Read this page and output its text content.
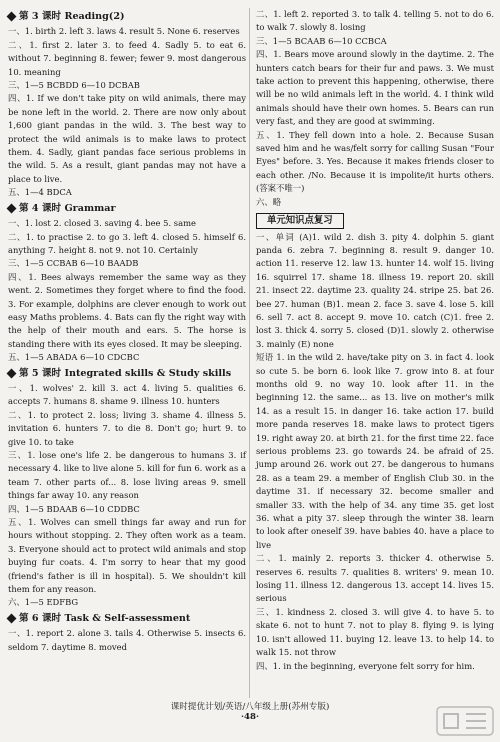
第 3 课时 Reading(2)

一、1. birth 2. left 3. laws 4. result 5. None 6. reserves

二、1. first 2. later 3. to feed 4. Sadly 5. to eat 6. without 7. beginning 8. fewer; fewer 9. most dangerous 10. meaning

三、1—5 BCBDD 6—10 DCBAB

四、1. If we don't take pity on wild animals, there may be none left in the world. 2. There are now only about 1,600 giant pandas in the wild. 3. The best way to protect the wild animals is to make laws to protect them. 4. Sadly, giant pandas face serious problems in the wild. 5. As a result, giant pandas may not have a place to live.

五、1—4 BDCA

第 4 课时 Grammar

一、1. lost 2. closed 3. saving 4. bee 5. same

二、1. to practise 2. to go 3. left 4. closed 5. himself 6. anything 7. height 8. not 9. not 10. Certainly

三、1—5 CCBAB 6—10 BAADB

四、1. Bees always remember the same way as they went. 2. Sometimes they forget where to find the food. 3. For example, dolphins are clever enough to work out easy Maths problems. 4. Bats can fly the right way with the help of their mouth and ears. 5. The horse is standing there with its eyes closed. It may be sleeping.

五、1—5 ABADA 6—10 CDCBC

第 5 课时 Integrated skills & Study skills

一、1. wolves' 2. kill 3. act 4. living 5. qualities 6. accepts 7. humans 8. shame 9. illness 10. hunters

二、1. to protect 2. loss; living 3. shame 4. illness 5. invitation 6. hunters 7. to die 8. Don't go; hurt 9. to give 10. to take

三、1. lose one's life 2. be dangerous to humans 3. if necessary 4. like to live alone 5. kill for fun 6. work as a team 7. other parts of... 8. lose living areas 9. smell things far away 10. any reason

四、1—5 BDAAB 6—10 CDDBC

五、1. Wolves can smell things far away and run for hours without stopping. 2. They often work as a team. 3. Everyone should act to protect wild animals and stop buying fur coats. 4. I'm sorry to hear that my good (friend's father is ill in hospital). 5. We shouldn't kill them for any reason.

六、1—5 EDFBG

第 6 课时 Task & Self-assessment

一、1. report 2. alone 3. tails 4. Otherwise 5. insects 6. seldom 7. daytime 8. moved

二、1. left 2. reported 3. to talk 4. telling 5. not to do 6. to walk 7. slowly 8. losing

三、1—5 BCAAB 6—10 CCBCA

四、1. Bears move around slowly in the daytime. 2. The hunters catch bears for their fur and paws. 3. We must take action to prevent this happening, otherwise, there will be no wild animals left in the world. 4. I think wild animals should have their own homes. 5. Bears can run very fast, and they are good at swimming.

五、1. They fell down into a hole. 2. Because Susan saved him and he was/felt sorry for calling Susan "Four Eyes" before. 3. Yes. Because it makes friends closer to each other. /No. Because it is impolite/it hurts others. (答案不唯一)

六、略

单元知识点复习

一、单词 (A)1. wild 2. dish 3. pity 4. dolphin 5. giant panda 6. zebra 7. beginning 8. result 9. danger 10. action 11. reserve 12. law 13. hunter 14. wolf 15. living 16. squirrel 17. shame 18. illness 19. report 20. skill 21. insect 22. daytime 23. quality 24. stripe 25. bat 26. bee 27. human (B)1. mean 2. face 3. save 4. lose 5. kill 6. sell 7. act 8. accept 9. move 10. catch (C)1. free 2. lost 3. thick 4. sorry 5. closed (D)1. slowly 2. otherwise 3. mainly (E) none

短语 1. in the wild 2. have/take pity on 3. in fact 4. look so cute 5. be born 6. look like 7. grow into 8. at four months old 9. no way 10. look after 11. in the beginning 12. the same... as 13. live on mother's milk 14. as a result 15. in danger 16. take action 17. build more panda reserves 18. make laws to protect tigers 19. right away 20. at birth 21. for the first time 22. face serious problems 23. go towards 24. be afraid of 25. jump around 26. work out 27. be dangerous to humans 28. as a team 29. a member of English Club 30. in the daytime 31. if necessary 32. become smaller and smaller 33. with the help of 34. any time 35. get lost 36. what a pity 37. sleep through the winter 38. learn to look after oneself 39. have babies 40. have a place to live

二、1. mainly 2. reports 3. thicker 4. otherwise 5. reserves 6. results 7. qualities 8. writers' 9. mean 10. losing 11. illness 12. dangerous 13. accept 14. lives 15. serious

三、1. kindness 2. closed 3. will give 4. to have 5. to skate 6. not to hunt 7. not to play 8. flying 9. is lying 10. isn't allowed 11. buying 12. leave 13. to help 14. to walk 15. not throw

四、1. in the beginning, everyone felt sorry for him.

课时提优计划/英语/八年级上册(苏州专版)
·48·
